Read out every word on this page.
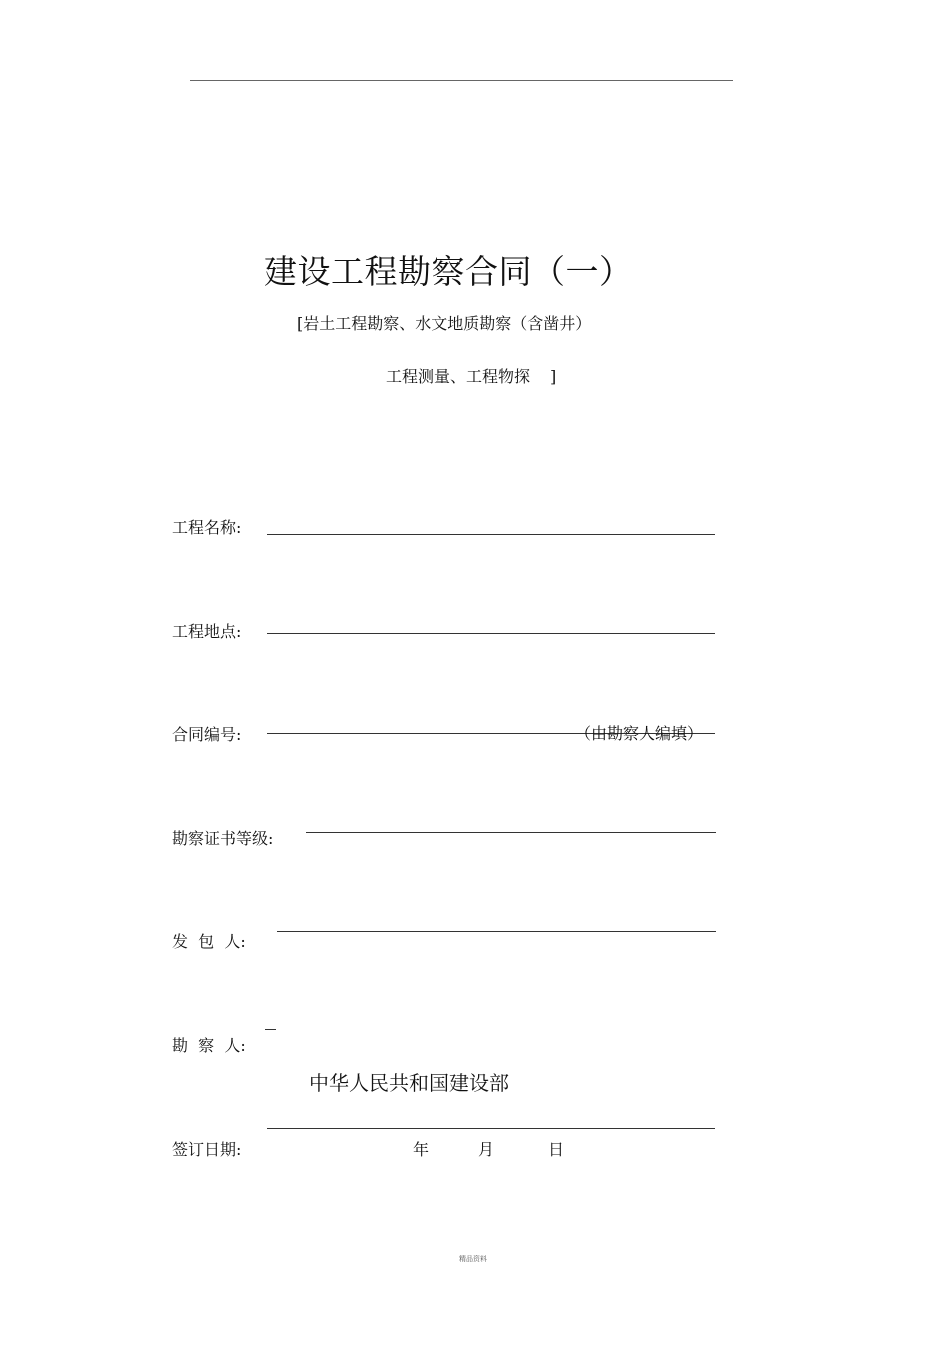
建设工程勘察合同（一）
[岩土工程勘察、水文地质勘察（含凿井）
工程测量、工程物探 ]
工程名称:
工程地点:
合同编号:	（由勘察人编填）
勘察证书等级:
发  包  人:
勘  察  人:
中华人民共和国建设部
签订日期:	年	月	日
精品资料
